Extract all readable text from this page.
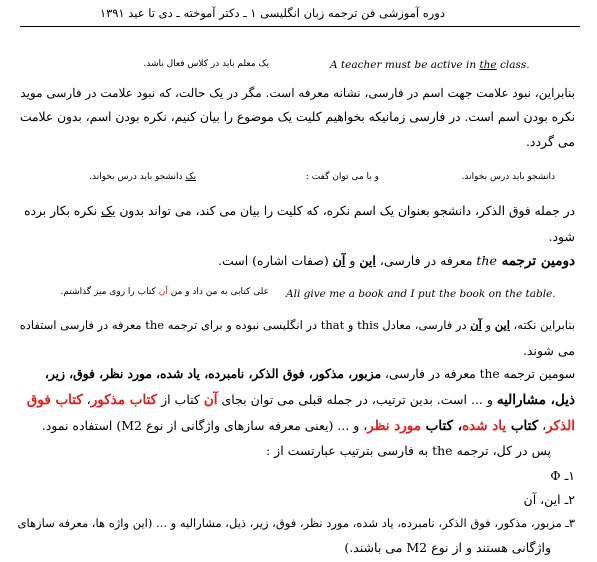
دوره آموزشی فن ترجمه زبان انگلیسی ۱ ـ دکتر آموخته ـ دی تا عید ۱۳۹۱
یک معلم باید در کلاس فعال باشد.	A teacher must be active in the class.
بنابراین، نبود علامت جهت اسم در فارسی، نشانه معرفه است. مگر در یک حالت، که نبود علامت در فارسی موید
نکره بودن اسم است. در فارسی زمانیکه بخواهیم کلیت یک موضوع را بیان کنیم، نکره بودن اسم، بدون علامت
می گردد.
دانشجو باید درس بخواند.
و یا می توان گفت :
یک دانشجو باید درس بخواند.
در جمله فوق الذکر، دانشجو بعنوان یک اسم نکره، که کلیت را بیان می کند، می تواند بدون یک نکره بکار برده
شود.
دومین ترجمه the معرفه در فارسی، این و آن (صفات اشاره) است.
علی کتابی به من داد و من آن کتاب را روی میز گذاشتم.	Ali give me a book and I put the book on the table.
بنابراین نکته، این و آن در فارسی، معادل this و that در انگلیسی نبوده و برای ترجمه the معرفه در فارسی استفاده
می شوند.
سومین ترجمه the معرفه در فارسی، مزبور، مذکور، فوق الذکر، نامبرده، یاد شده، مورد نظر، فوق، زیر،
ذیل، مشارالیه و ... است. بدین ترتیب، در جمله قبلی می توان بجای آن کتاب از کتاب مذکور، کتاب فوق
الذکر، کتاب یاد شده، کتاب مورد نظر، و ... (یعنی معرفه سازهای واژگانی از نوع M2) استفاده نمود.
پس در کل، ترجمه the به فارسی بترتیب عبارتست از :
۱ـ Ф
۲ـ این، آن
۳ـ مزبور، مذکور، فوق الذکر، نامبرده، یاد شده، مورد نظر، فوق، زیر، ذیل، مشارالیه و ... (این واژه ها، معرفه سازهای
واژگانی هستند و از نوع M2 می باشند.)
